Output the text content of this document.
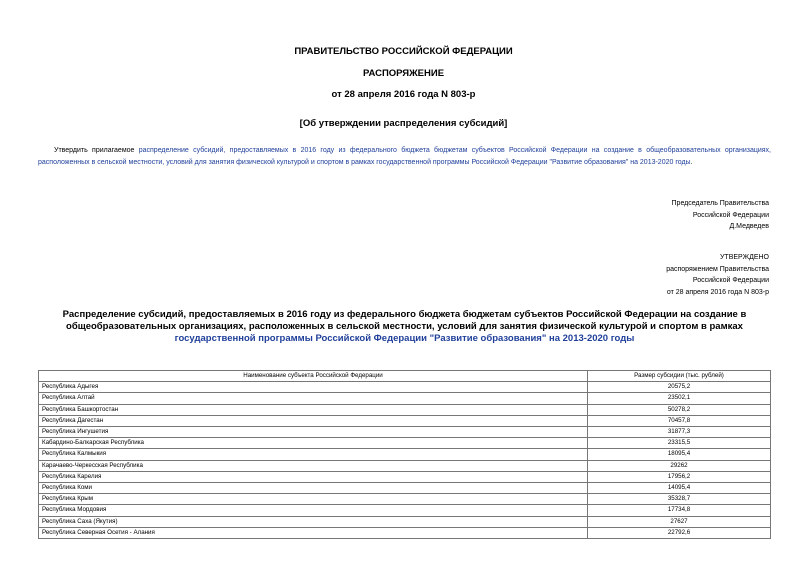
ПРАВИТЕЛЬСТВО РОССИЙСКОЙ ФЕДЕРАЦИИ
РАСПОРЯЖЕНИЕ
от 28 апреля 2016 года N 803-р
[Об утверждении распределения субсидий]
Утвердить прилагаемое распределение субсидий, предоставляемых в 2016 году из федерального бюджета бюджетам субъектов Российской Федерации на создание в общеобразовательных организациях, расположенных в сельской местности, условий для занятия физической культурой и спортом в рамках государственной программы Российской Федерации "Развитие образования" на 2013-2020 годы.
Председатель Правительства
Российской Федерации
Д.Медведев
УТВЕРЖДЕНО
распоряжением Правительства
Российской Федерации
от 28 апреля 2016 года N 803-р
Распределение субсидий, предоставляемых в 2016 году из федерального бюджета бюджетам субъектов Российской Федерации на создание в общеобразовательных организациях, расположенных в сельской местности, условий для занятия физической культурой и спортом в рамках государственной программы Российской Федерации "Развитие образования" на 2013-2020 годы
Наименование субъекта Российской Федерации	Размер субсидии (тыс. рублей)
Республика Адыгея	20575,2
Республика Алтай	23502,1
Республика Башкортостан	50278,2
Республика Дагестан	70457,8
Республика Ингушетия	31877,3
Кабардино-Балкарская Республика	23315,5
Республика Калмыкия	18095,4
Карачаево-Черкесская Республика	29262
Республика Карелия	17956,2
Республика Коми	14095,4
Республика Крым	35328,7
Республика Мордовия	17734,8
Республика Саха (Якутия)	27627
Республика Северная Осетия - Алания	22792,6
